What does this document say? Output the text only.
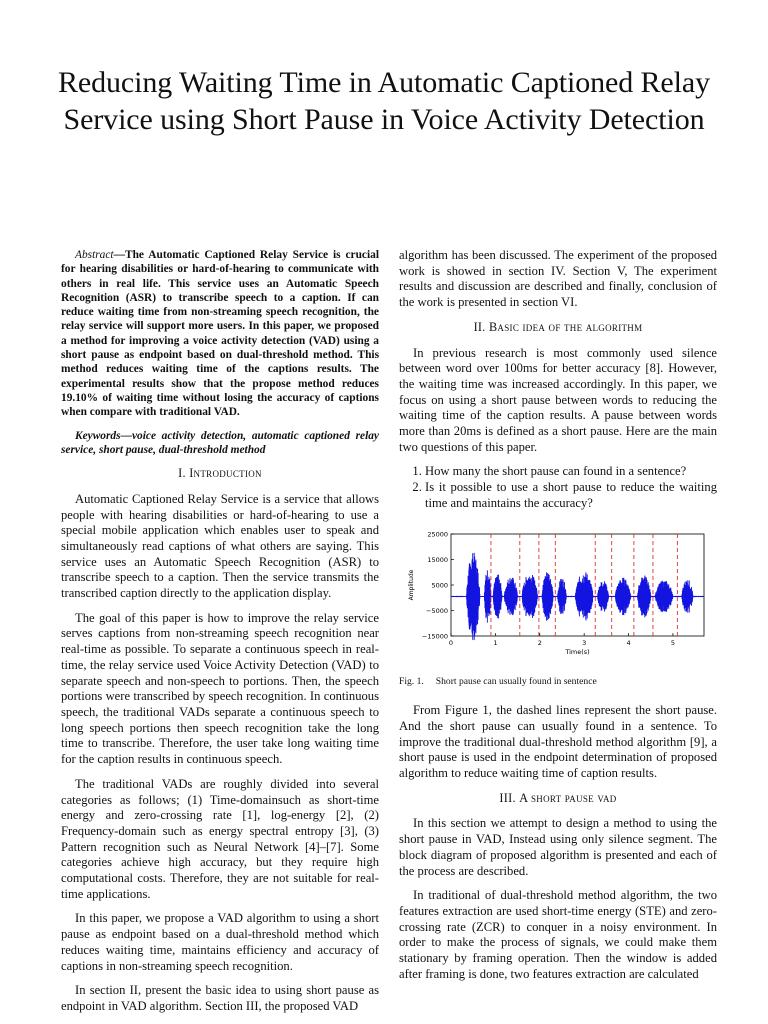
Reducing Waiting Time in Automatic Captioned Relay Service using Short Pause in Voice Activity Detection

Abstract—The Automatic Captioned Relay Service is crucial for hearing disabilities or hard-of-hearing to communicate with others in real life. This service uses an Automatic Speech Recognition (ASR) to transcribe speech to a caption. If can reduce waiting time from non-streaming speech recognition, the relay service will support more users. In this paper, we proposed a method for improving a voice activity detection (VAD) using a short pause as endpoint based on dual-threshold method. This method reduces waiting time of the captions results. The experimental results show that the propose method reduces 19.10% of waiting time without losing the accuracy of captions when compare with traditional VAD.

Keywords—voice activity detection, automatic captioned relay service, short pause, dual-threshold method

I. Introduction

Automatic Captioned Relay Service is a service that allows people with hearing disabilities or hard-of-hearing to use a special mobile application which enables user to speak and simultaneously read captions of what others are saying. This service uses an Automatic Speech Recognition (ASR) to transcribe speech to a caption. Then the service transmits the transcribed caption directly to the application display.

The goal of this paper is how to improve the relay service serves captions from non-streaming speech recognition near real-time as possible. To separate a continuous speech in real-time, the relay service used Voice Activity Detection (VAD) to separate speech and non-speech to portions. Then, the speech portions were transcribed by speech recognition. In continuous speech, the traditional VADs separate a continuous speech to long speech portions then speech recognition take the long time to transcribe. Therefore, the user take long waiting time for the caption results in continuous speech.

The traditional VADs are roughly divided into several categories as follows; (1) Time-domainsuch as short-time energy and zero-crossing rate [1], log-energy [2], (2) Frequency-domain such as energy spectral entropy [3], (3) Pattern recognition such as Neural Network [4]–[7]. Some categories achieve high accuracy, but they require high computational costs. Therefore, they are not suitable for real-time applications.

In this paper, we propose a VAD algorithm to using a short pause as endpoint based on a dual-threshold method which reduces waiting time, maintains efficiency and accuracy of captions in non-streaming speech recognition.

In section II, present the basic idea to using short pause as endpoint in VAD algorithm. Section III, the proposed VAD

algorithm has been discussed. The experiment of the proposed work is showed in section IV. Section V, The experiment results and discussion are described and finally, conclusion of the work is presented in section VI.

II. Basic idea of the algorithm

In previous research is most commonly used silence between word over 100ms for better accuracy [8]. However, the waiting time was increased accordingly. In this paper, we focus on using a short pause between words to reducing the waiting time of the caption results. A pause between words more than 20ms is defined as a short pause. Here are the main two questions of this paper.

1. How many the short pause can found in a sentence?
2. Is it possible to use a short pause to reduce the waiting time and maintains the accuracy?
25000
15000
5000
−5000
−15000
0	1	2	3	4	5
Time(s)
Amplitude
Fig. 1. Short pause can usually found in sentence

From Figure 1, the dashed lines represent the short pause. And the short pause can usually found in a sentence. To improve the traditional dual-threshold method algorithm [9], a short pause is used in the endpoint determination of proposed algorithm to reduce waiting time of caption results.

III. A short pause vad

In this section we attempt to design a method to using the short pause in VAD, Instead using only silence segment. The block diagram of proposed algorithm is presented and each of the process are described.

In traditional of dual-threshold method algorithm, the two features extraction are used short-time energy (STE) and zero-crossing rate (ZCR) to conquer in a noisy environment. In order to make the process of signals, we could make them stationary by framing operation. Then the window is added after framing is done, two features extraction are calculated
